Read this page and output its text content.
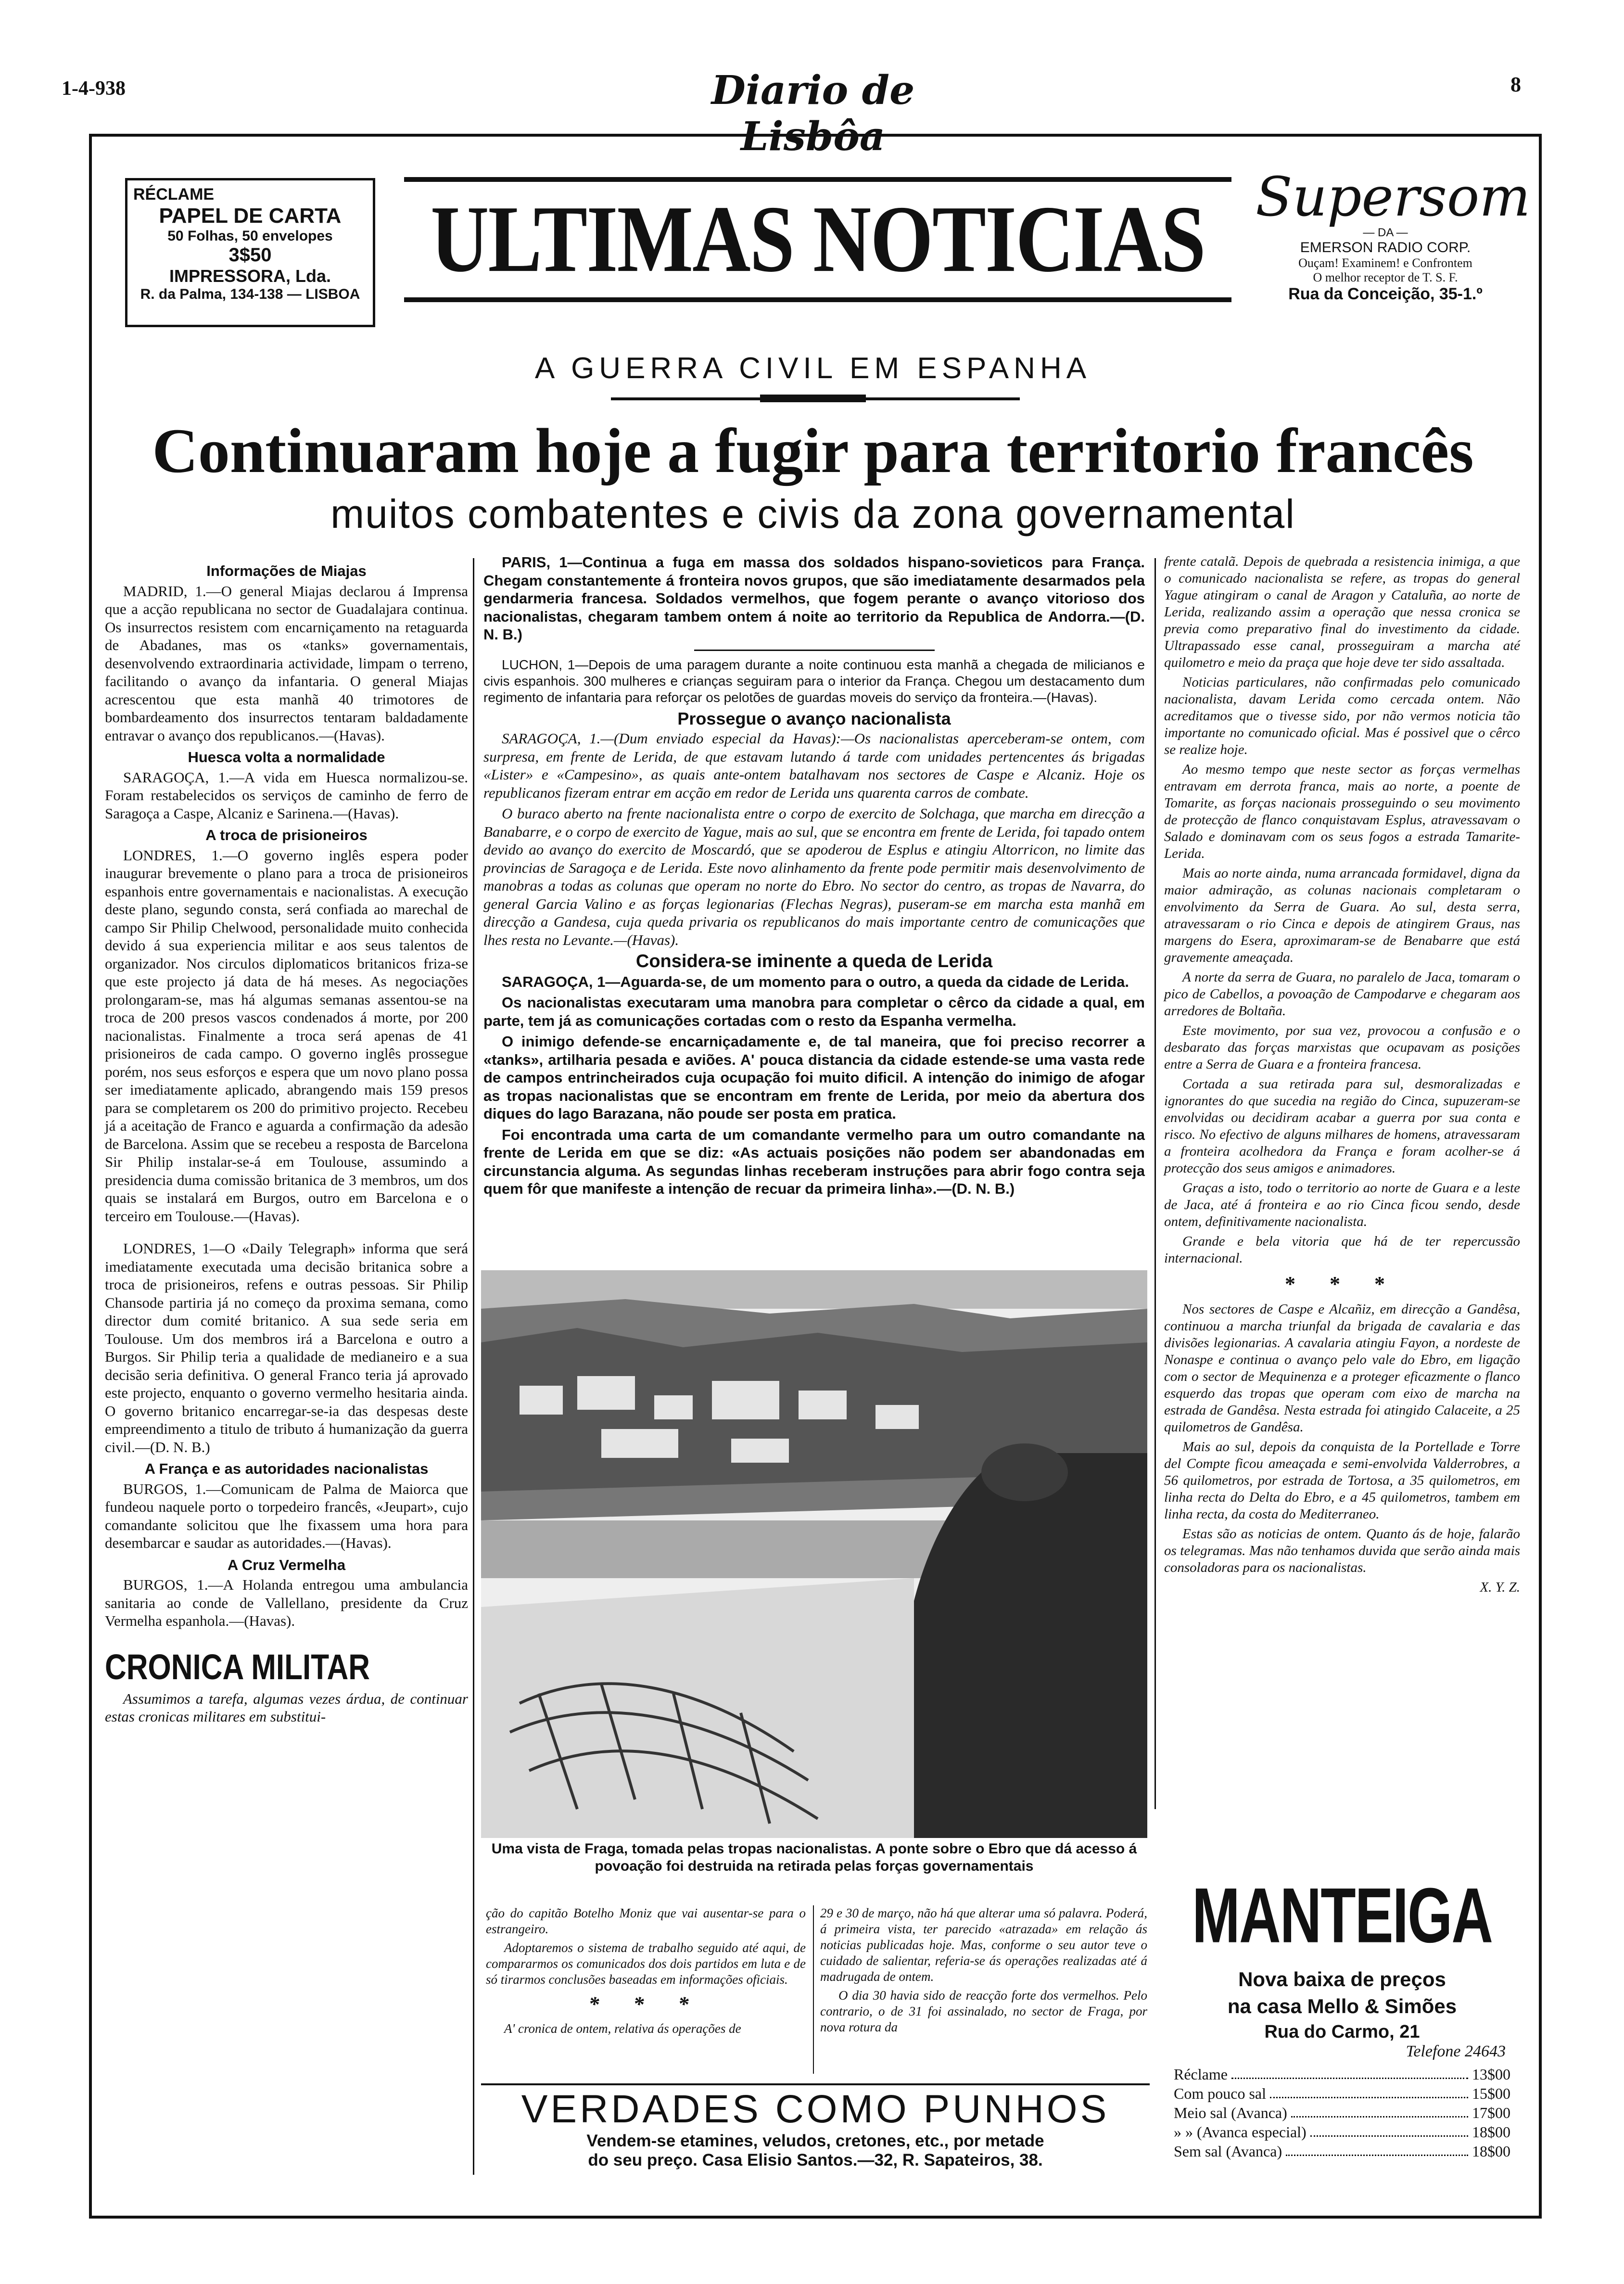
1-4-938	Diario de Lisbôa
8
RÉCLAME
PAPEL DE CARTA
50 Folhas, 50 envelopes
3$50
IMPRESSORA, Lda.
R. da Palma, 134-138 — LISBOA
ULTIMAS NOTICIAS Supersom
— DA —
EMERSON RADIO CORP.
Ouçam! Examinem! e Confrontem
O melhor receptor de T. S. F.
Rua da Conceição, 35-1.º
A GUERRA CIVIL EM ESPANHA
Continuaram hoje a fugir para territorio francês
muitos combatentes e civis da zona governamental
Informações de Miajas

MADRID, 1.—O general Miajas declarou á Imprensa que a acção republicana no sector de Guadalajara continua. Os insurrectos resistem com encarniçamento na retaguarda de Abadanes, mas os «tanks» governamentais, desenvolvendo extraordinaria actividade, limpam o terreno, facilitando o avanço da infantaria. O general Miajas acrescentou que esta manhã 40 trimotores de bombardeamento dos insurrectos tentaram baldadamente entravar o avanço dos republicanos.—(Havas).

Huesca volta a normalidade

SARAGOÇA, 1.—A vida em Huesca normalizou-se. Foram restabelecidos os serviços de caminho de ferro de Saragoça a Caspe, Alcaniz e Sarinena.—(Havas).

A troca de prisioneiros

LONDRES, 1.—O governo inglês espera poder inaugurar brevemente o plano para a troca de prisioneiros espanhois entre governamentais e nacionalistas. A execução deste plano, segundo consta, será confiada ao marechal de campo Sir Philip Chelwood, personalidade muito conhecida devido á sua experiencia militar e aos seus talentos de organizador. Nos circulos diplomaticos britanicos friza-se que este projecto já data de há meses. As negociações prolongaram-se, mas há algumas semanas assentou-se na troca de 200 presos vascos condenados á morte, por 200 nacionalistas. Finalmente a troca será apenas de 41 prisioneiros de cada campo. O governo inglês prossegue porém, nos seus esforços e espera que um novo plano possa ser imediatamente aplicado, abrangendo mais 159 presos para se completarem os 200 do primitivo projecto. Recebeu já a aceitação de Franco e aguarda a confirmação da adesão de Barcelona. Assim que se recebeu a resposta de Barcelona Sir Philip instalar-se-á em Toulouse, assumindo a presidencia duma comissão britanica de 3 membros, um dos quais se instalará em Burgos, outro em Barcelona e o terceiro em Toulouse.—(Havas).

LONDRES, 1—O «Daily Telegraph» informa que será imediatamente executada uma decisão britanica sobre a troca de prisioneiros, refens e outras pessoas. Sir Philip Chansode partiria já no começo da proxima semana, como director dum comité britanico. A sua sede seria em Toulouse. Um dos membros irá a Barcelona e outro a Burgos. Sir Philip teria a qualidade de medianeiro e a sua decisão seria definitiva. O general Franco teria já aprovado este projecto, enquanto o governo vermelho hesitaria ainda. O governo britanico encarregar-se-ia das despesas deste empreendimento a titulo de tributo á humanização da guerra civil.—(D. N. B.)

A França e as autoridades nacionalistas

BURGOS, 1.—Comunicam de Palma de Maiorca que fundeou naquele porto o torpedeiro francês, «Jeupart», cujo comandante solicitou que lhe fixassem uma hora para desembarcar e saudar as autoridades.—(Havas).

A Cruz Vermelha

BURGOS, 1.—A Holanda entregou uma ambulancia sanitaria ao conde de Vallellano, presidente da Cruz Vermelha espanhola.—(Havas).

CRONICA MILITAR

Assumimos a tarefa, algumas vezes árdua, de continuar estas cronicas militares em substitui-

PARIS, 1—Continua a fuga em massa dos soldados hispano-sovieticos para França. Chegam constantemente á fronteira novos grupos, que são imediatamente desarmados pela gendarmeria francesa. Soldados vermelhos, que fogem perante o avanço vitorioso dos nacionalistas, chegaram tambem ontem á noite ao territorio da Republica de Andorra.—(D. N. B.)

LUCHON, 1—Depois de uma paragem durante a noite continuou esta manhã a chegada de milicianos e civis espanhois. 300 mulheres e crianças seguiram para o interior da França. Chegou um destacamento dum regimento de infantaria para reforçar os pelotões de guardas moveis do serviço da fronteira.—(Havas).

Prossegue o avanço nacionalista

SARAGOÇA, 1.—(Dum enviado especial da Havas):—Os nacionalistas aperceberam-se ontem, com surpresa, em frente de Lerida, de que estavam lutando á tarde com unidades pertencentes ás brigadas «Lister» e «Campesino», as quais ante-ontem batalhavam nos sectores de Caspe e Alcaniz. Hoje os republicanos fizeram entrar em acção em redor de Lerida uns quarenta carros de combate.

O buraco aberto na frente nacionalista entre o corpo de exercito de Solchaga, que marcha em direcção a Banabarre, e o corpo de exercito de Yague, mais ao sul, que se encontra em frente de Lerida, foi tapado ontem devido ao avanço do exercito de Moscardó, que se apoderou de Esplus e atingiu Altorricon, no limite das provincias de Saragoça e de Lerida. Este novo alinhamento da frente pode permitir mais desenvolvimento de manobras a todas as colunas que operam no norte do Ebro. No sector do centro, as tropas de Navarra, do general Garcia Valino e as forças legionarias (Flechas Negras), puseram-se em marcha esta manhã em direcção a Gandesa, cuja queda privaria os republicanos do mais importante centro de comunicações que lhes resta no Levante.—(Havas).

Considera-se iminente a queda de Lerida

SARAGOÇA, 1—Aguarda-se, de um momento para o outro, a queda da cidade de Lerida.

Os nacionalistas executaram uma manobra para completar o cêrco da cidade a qual, em parte, tem já as comunicações cortadas com o resto da Espanha vermelha.

O inimigo defende-se encarniçadamente e, de tal maneira, que foi preciso recorrer a «tanks», artilharia pesada e aviões. A' pouca distancia da cidade estende-se uma vasta rede de campos entrincheirados cuja ocupação foi muito dificil. A intenção do inimigo de afogar as tropas nacionalistas que se encontram em frente de Lerida, por meio da abertura dos diques do lago Barazana, não poude ser posta em pratica.

Foi encontrada uma carta de um comandante vermelho para um outro comandante na frente de Lerida em que se diz: «As actuais posições não podem ser abandonadas em circunstancia alguma. As segundas linhas receberam instruções para abrir fogo contra seja quem fôr que manifeste a intenção de recuar da primeira linha».—(D. N. B.)

Uma vista de Fraga, tomada pelas tropas nacionalistas. A ponte sobre o Ebro que dá acesso á povoação foi destruida na retirada pelas forças governamentais

ção do capitão Botelho Moniz que vai ausentar-se para o estrangeiro.

Adoptaremos o sistema de trabalho seguido até aqui, de compararmos os comunicados dos dois partidos em luta e de só tirarmos conclusões baseadas em informações oficiais.

* * *

A' cronica de ontem, relativa ás operações de

29 e 30 de março, não há que alterar uma só palavra. Poderá, á primeira vista, ter parecido «atrazada» em relação ás noticias publicadas hoje. Mas, conforme o seu autor teve o cuidado de salientar, referia-se ás operações realizadas até á madrugada de ontem.

O dia 30 havia sido de reacção forte dos vermelhos. Pelo contrario, o de 31 foi assinalado, no sector de Fraga, por nova rotura da

VERDADES COMO PUNHOS
Vendem-se etamines, veludos, cretones, etc., por metade
do seu preço. Casa Elisio Santos.—32, R. Sapateiros, 38.

frente catalã. Depois de quebrada a resistencia inimiga, a que o comunicado nacionalista se refere, as tropas do general Yague atingiram o canal de Aragon y Cataluña, ao norte de Lerida, realizando assim a operação que nessa cronica se previa como preparativo final do investimento da cidade. Ultrapassado esse canal, prosseguiram a marcha até quilometro e meio da praça que hoje deve ter sido assaltada.

Noticias particulares, não confirmadas pelo comunicado nacionalista, davam Lerida como cercada ontem. Não acreditamos que o tivesse sido, por não vermos noticia tão importante no comunicado oficial. Mas é possivel que o cêrco se realize hoje.

Ao mesmo tempo que neste sector as forças vermelhas entravam em derrota franca, mais ao norte, a poente de Tomarite, as forças nacionais prosseguindo o seu movimento de protecção de flanco conquistavam Esplus, atravessavam o Salado e dominavam com os seus fogos a estrada Tamarite-Lerida.

Mais ao norte ainda, numa arrancada formidavel, digna da maior admiração, as colunas nacionais completaram o envolvimento da Serra de Guara. Ao sul, desta serra, atravessaram o rio Cinca e depois de atingirem Graus, nas margens do Esera, aproximaram-se de Benabarre que está gravemente ameaçada.

A norte da serra de Guara, no paralelo de Jaca, tomaram o pico de Cabellos, a povoação de Campodarve e chegaram aos arredores de Boltaña.

Este movimento, por sua vez, provocou a confusão e o desbarato das forças marxistas que ocupavam as posições entre a Serra de Guara e a fronteira francesa.

Cortada a sua retirada para sul, desmoralizadas e ignorantes do que sucedia na região do Cinca, supuzeram-se envolvidas ou decidiram acabar a guerra por sua conta e risco. No efectivo de alguns milhares de homens, atravessaram a fronteira acolhedora da França e foram acolher-se á protecção dos seus amigos e animadores.

Graças a isto, todo o territorio ao norte de Guara e a leste de Jaca, até á fronteira e ao rio Cinca ficou sendo, desde ontem, definitivamente nacionalista.

Grande e bela vitoria que há de ter repercussão internacional.

* * *

Nos sectores de Caspe e Alcañiz, em direcção a Gandêsa, continuou a marcha triunfal da brigada de cavalaria e das divisões legionarias. A cavalaria atingiu Fayon, a nordeste de Nonaspe e continua o avanço pelo vale do Ebro, em ligação com o sector de Mequinenza e a proteger eficazmente o flanco esquerdo das tropas que operam com eixo de marcha na estrada de Gandêsa. Nesta estrada foi atingido Calaceite, a 25 quilometros de Gandêsa.

Mais ao sul, depois da conquista de la Portellade e Torre del Compte ficou ameaçada e semi-envolvida Valderrobres, a 56 quilometros, por estrada de Tortosa, a 35 quilometros, em linha recta do Delta do Ebro, e a 45 quilometros, tambem em linha recta, da costa do Mediterraneo.

Estas são as noticias de ontem. Quanto ás de hoje, falarão os telegramas. Mas não tenhamos duvida que serão ainda mais consoladoras para os nacionalistas.

X. Y. Z.

MANTEIGA
Nova baixa de preços
na casa Mello & Simões
Rua do Carmo, 21
Telefone 24643
Réclame	13$00
Com pouco sal	15$00
Meio sal (Avanca)	17$00
» » (Avanca especial)	18$00
Sem sal (Avanca)	18$00
